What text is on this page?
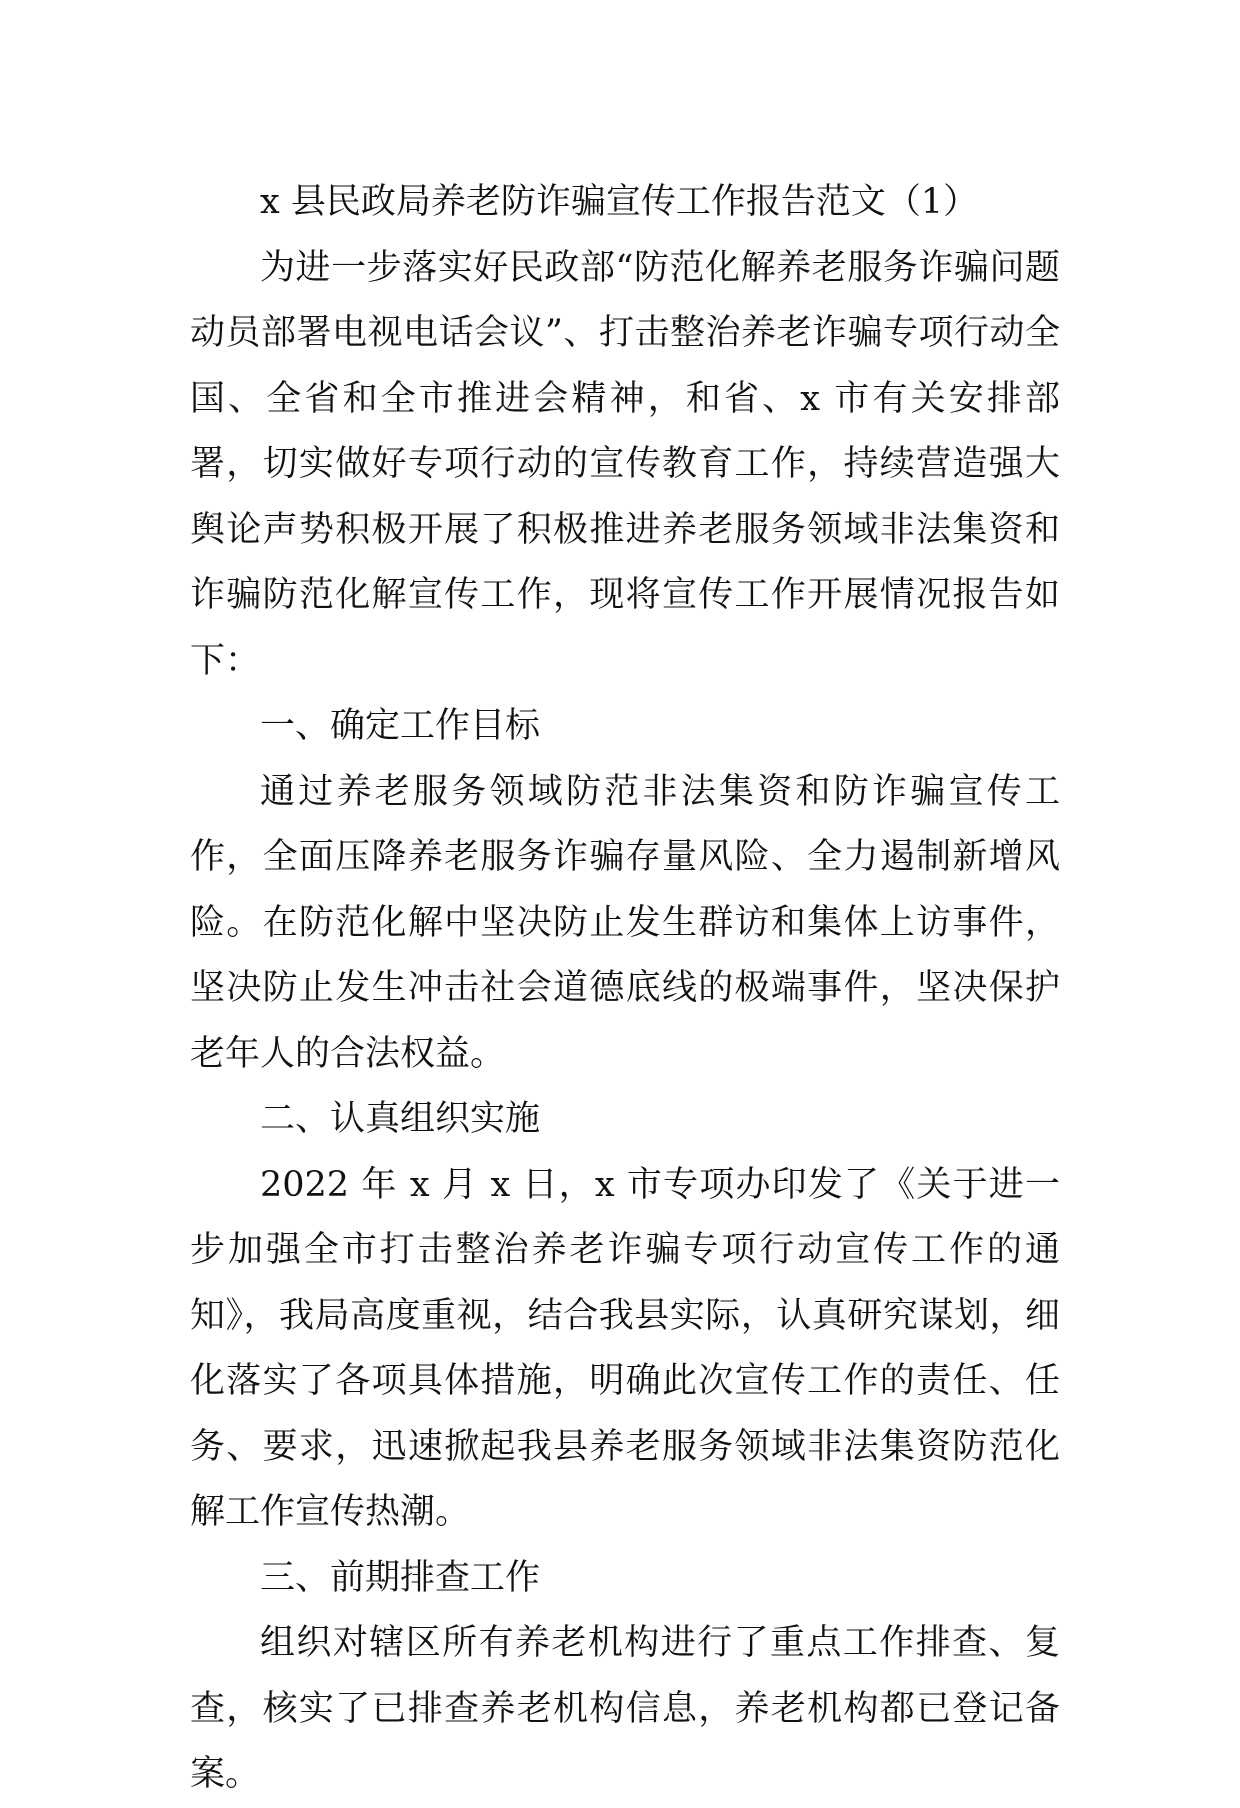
x 县民政局养老防诈骗宣传工作报告范文（1）

为进一步落实好民政部“防范化解养老服务诈骗问题动员部署电视电话会议”、打击整治养老诈骗专项行动全国、全省和全市推进会精神，和省、x 市有关安排部署，切实做好专项行动的宣传教育工作，持续营造强大舆论声势积极开展了积极推进养老服务领域非法集资和诈骗防范化解宣传工作，现将宣传工作开展情况报告如下：

一、确定工作目标

通过养老服务领域防范非法集资和防诈骗宣传工作，全面压降养老服务诈骗存量风险、全力遏制新增风险。在防范化解中坚决防止发生群访和集体上访事件，坚决防止发生冲击社会道德底线的极端事件，坚决保护老年人的合法权益。

二、认真组织实施

2022 年 x 月 x 日，x 市专项办印发了《关于进一步加强全市打击整治养老诈骗专项行动宣传工作的通知》，我局高度重视，结合我县实际，认真研究谋划，细化落实了各项具体措施，明确此次宣传工作的责任、任务、要求，迅速掀起我县养老服务领域非法集资防范化解工作宣传热潮。

三、前期排查工作

组织对辖区所有养老机构进行了重点工作排查、复查，核实了已排查养老机构信息，养老机构都已登记备案。
